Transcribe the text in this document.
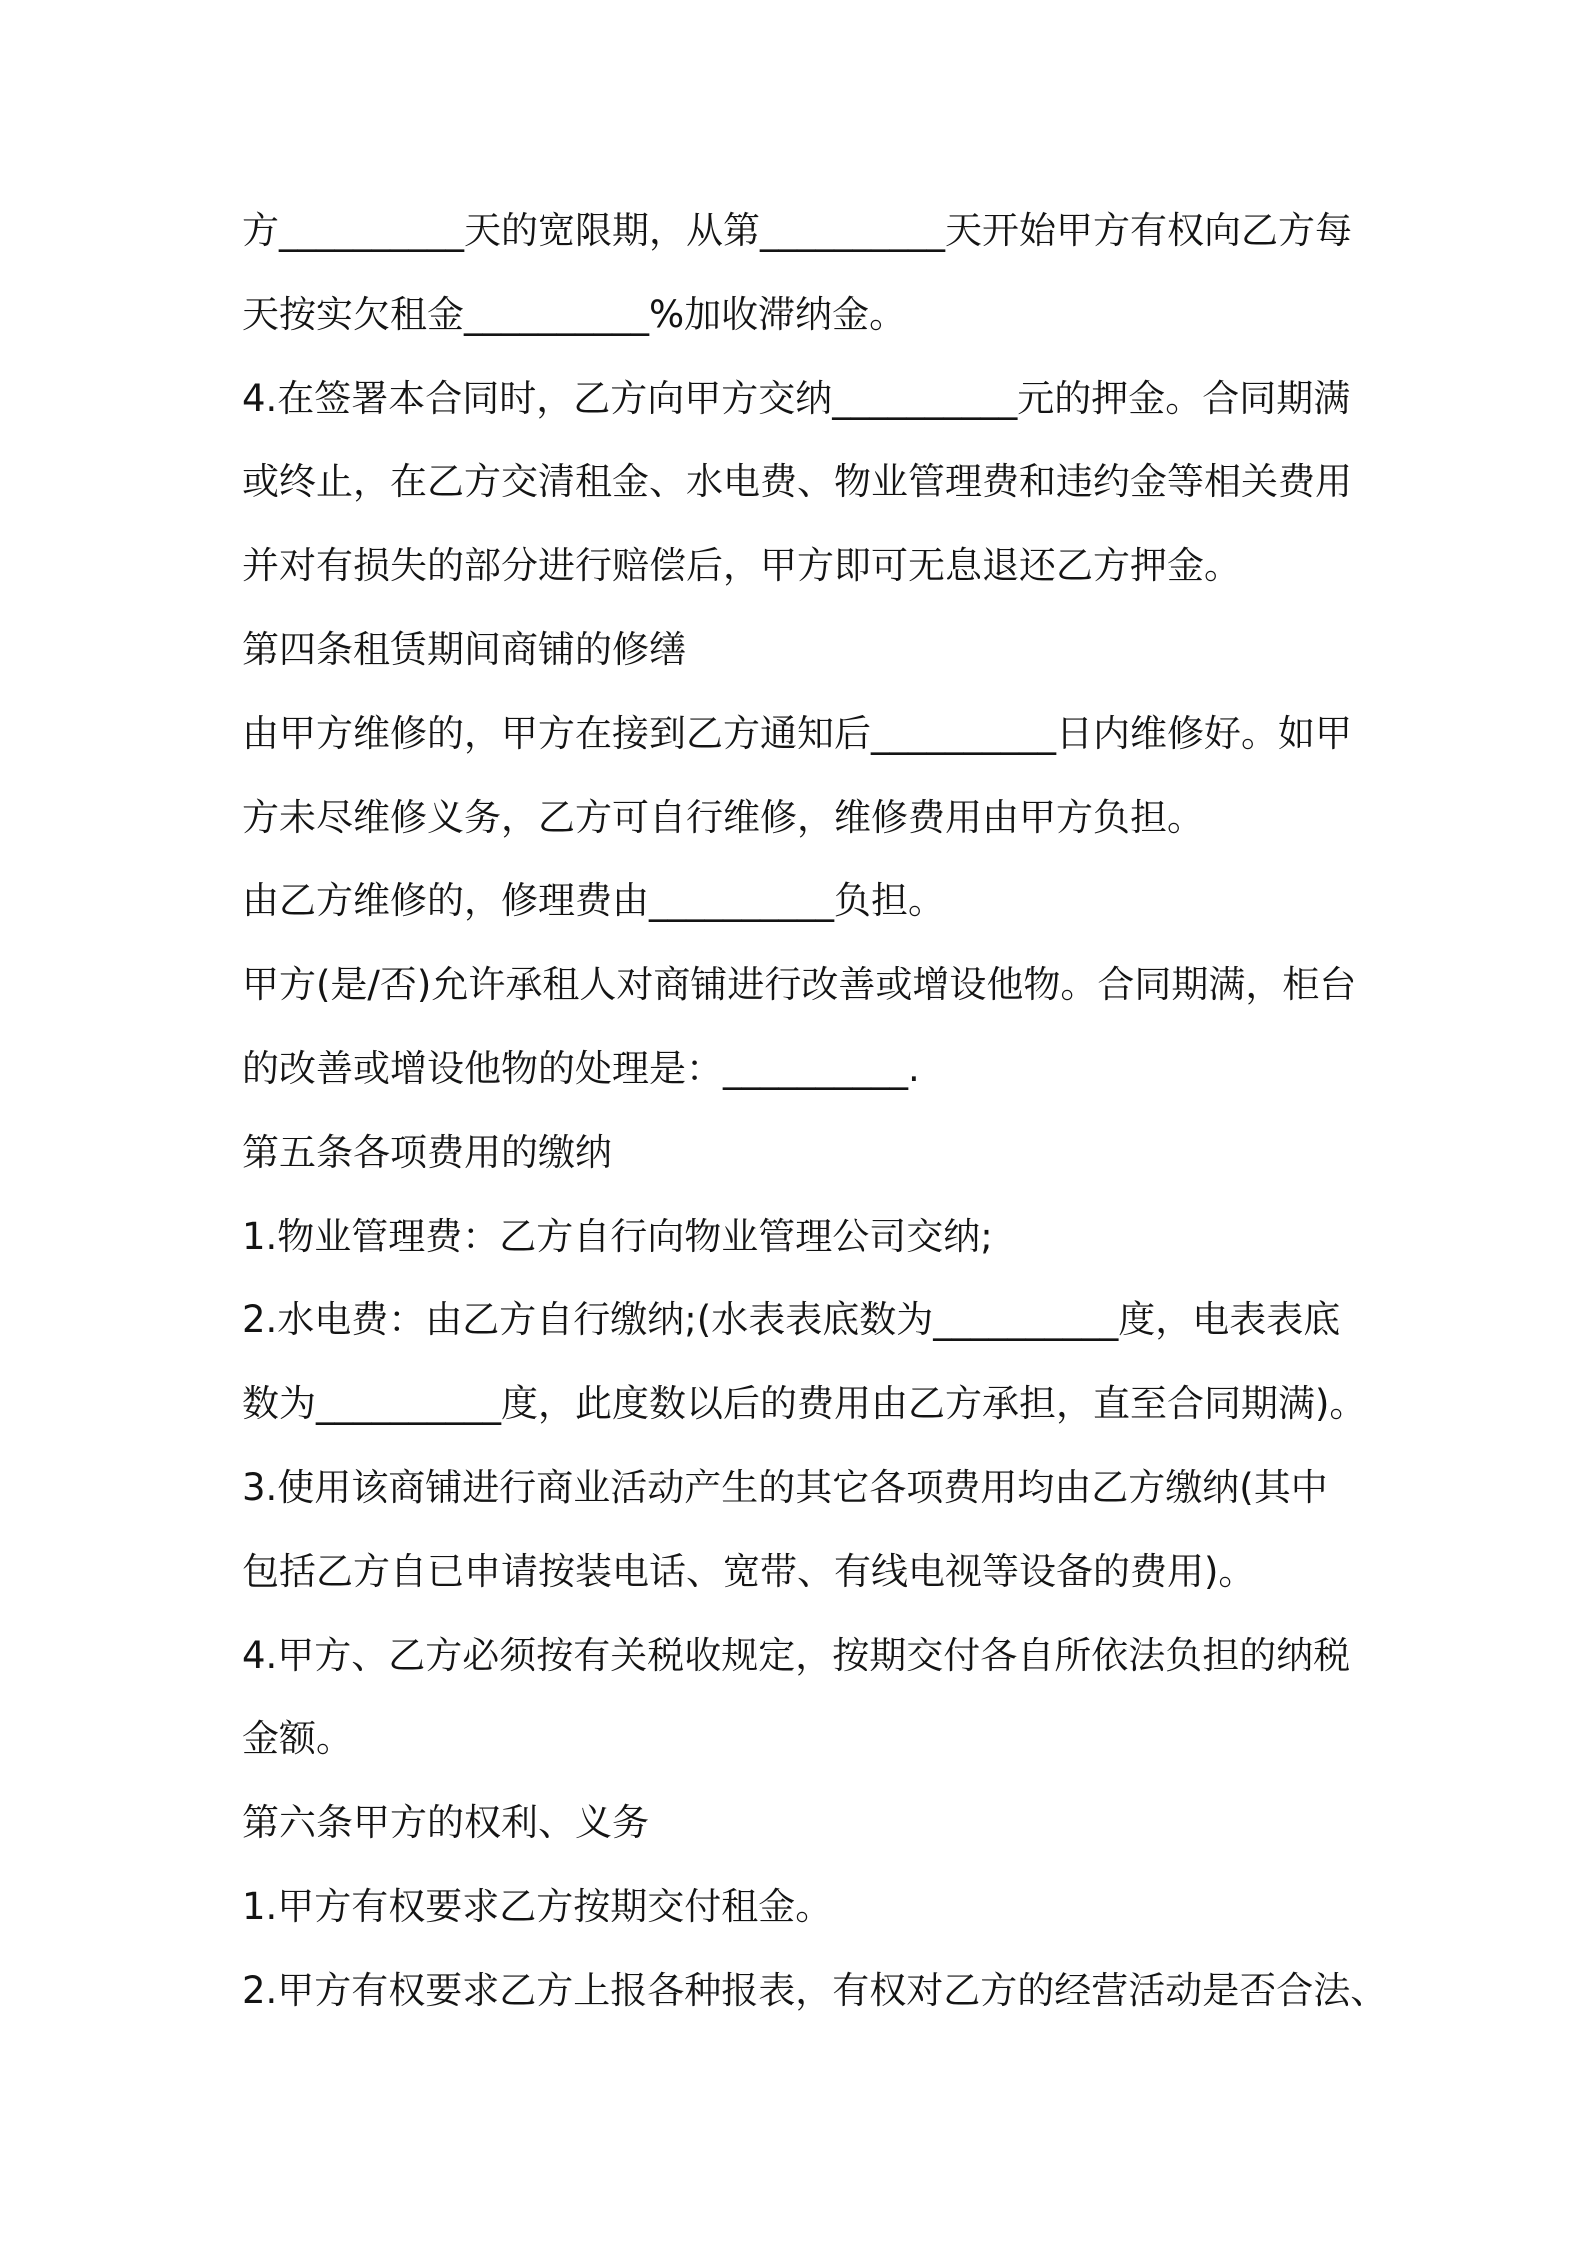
方__________天的宽限期，从第__________天开始甲方有权向乙方每
天按实欠租金__________%加收滞纳金。
4.在签署本合同时，乙方向甲方交纳__________元的押金。合同期满
或终止，在乙方交清租金、水电费、物业管理费和违约金等相关费用
并对有损失的部分进行赔偿后，甲方即可无息退还乙方押金。
第四条租赁期间商铺的修缮
由甲方维修的，甲方在接到乙方通知后__________日内维修好。如甲
方未尽维修义务，乙方可自行维修，维修费用由甲方负担。
由乙方维修的，修理费由__________负担。
甲方(是/否)允许承租人对商铺进行改善或增设他物。合同期满，柜台
的改善或增设他物的处理是：__________.
第五条各项费用的缴纳
1.物业管理费：乙方自行向物业管理公司交纳;
2.水电费：由乙方自行缴纳;(水表表底数为__________度，电表表底
数为__________度，此度数以后的费用由乙方承担，直至合同期满)。
3.使用该商铺进行商业活动产生的其它各项费用均由乙方缴纳(其中
包括乙方自已申请按装电话、宽带、有线电视等设备的费用)。
4.甲方、乙方必须按有关税收规定，按期交付各自所依法负担的纳税
金额。
第六条甲方的权利、义务
1.甲方有权要求乙方按期交付租金。
2.甲方有权要求乙方上报各种报表，有权对乙方的经营活动是否合法、
